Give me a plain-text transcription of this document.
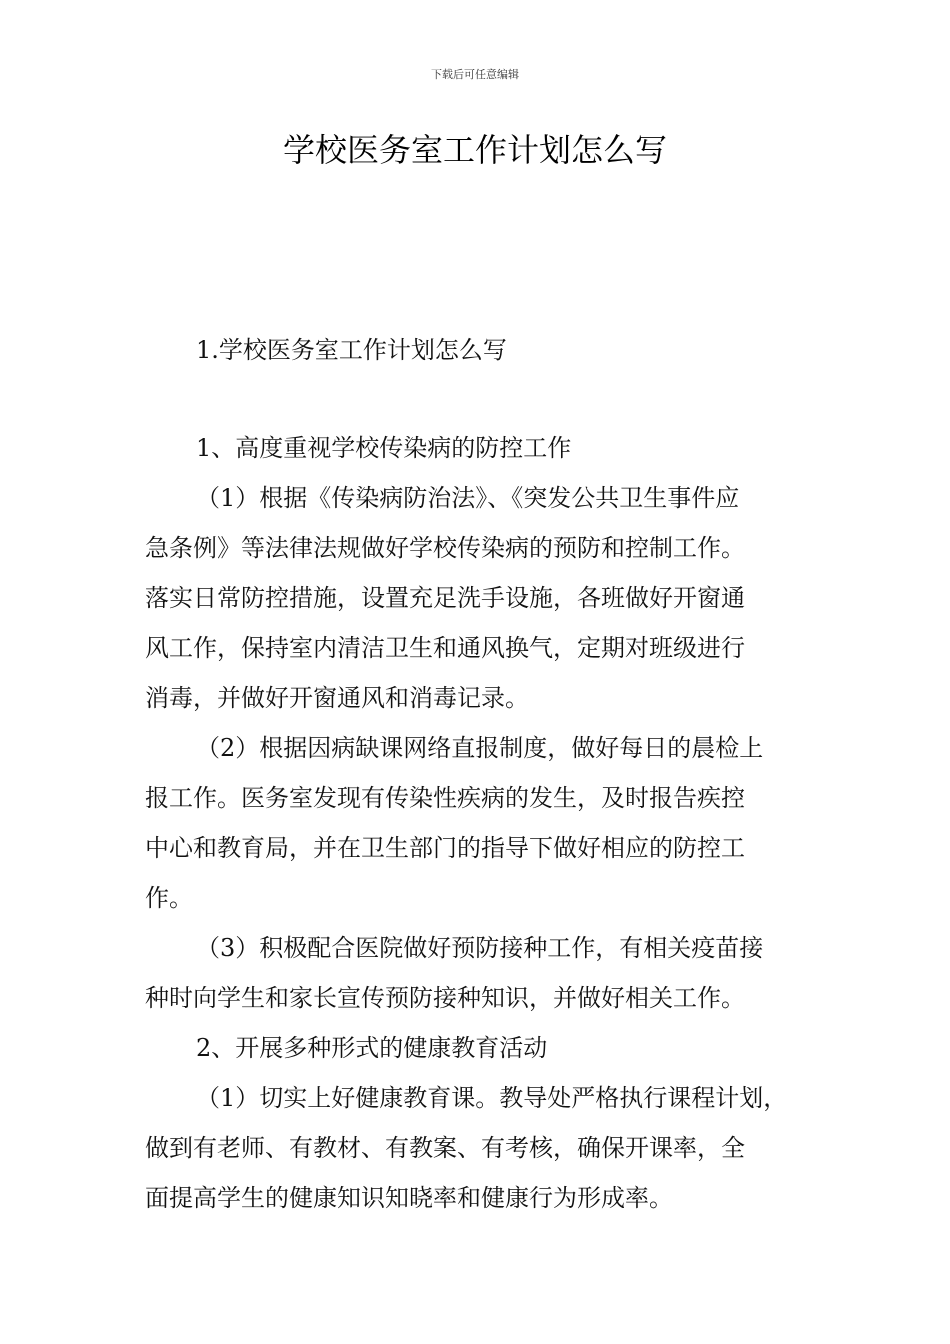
下载后可任意编辑
学校医务室工作计划怎么写

1.学校医务室工作计划怎么写

1、高度重视学校传染病的防控工作

（1）根据《传染病防治法》、《突发公共卫生事件应

急条例》等法律法规做好学校传染病的预防和控制工作。

落实日常防控措施，设置充足洗手设施，各班做好开窗通

风工作，保持室内清洁卫生和通风换气，定期对班级进行

消毒，并做好开窗通风和消毒记录。

（2）根据因病缺课网络直报制度，做好每日的晨检上

报工作。医务室发现有传染性疾病的发生，及时报告疾控

中心和教育局，并在卫生部门的指导下做好相应的防控工

作。

（3）积极配合医院做好预防接种工作，有相关疫苗接

种时向学生和家长宣传预防接种知识，并做好相关工作。

2、开展多种形式的健康教育活动

（1）切实上好健康教育课。教导处严格执行课程计划，

做到有老师、有教材、有教案、有考核，确保开课率，全

面提高学生的健康知识知晓率和健康行为形成率。
